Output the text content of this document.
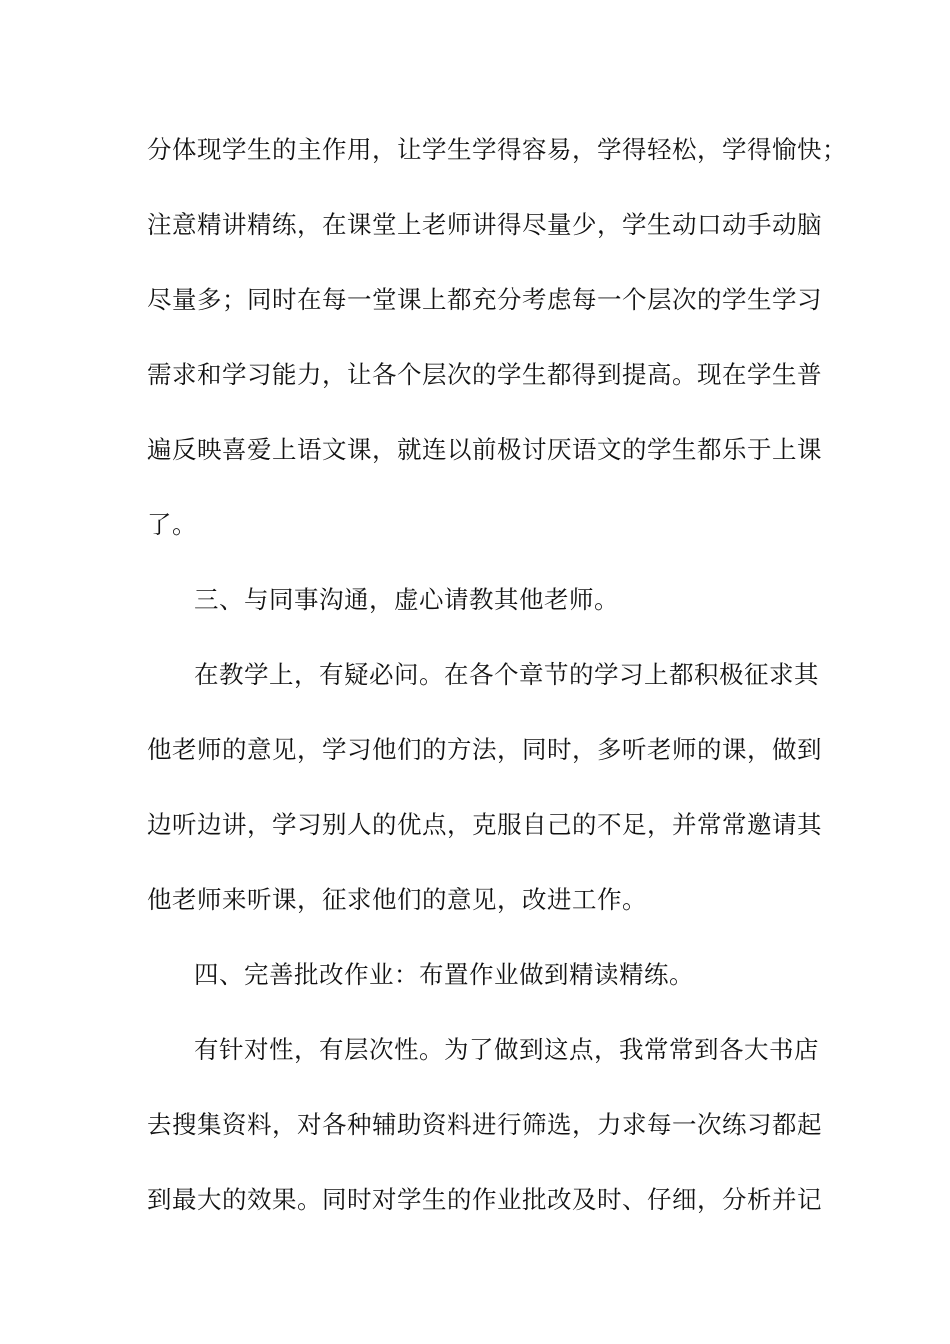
分体现学生的主作用，让学生学得容易，学得轻松，学得愉快；
注意精讲精练，在课堂上老师讲得尽量少，学生动口动手动脑
尽量多；同时在每一堂课上都充分考虑每一个层次的学生学习
需求和学习能力，让各个层次的学生都得到提高。现在学生普
遍反映喜爱上语文课，就连以前极讨厌语文的学生都乐于上课
了。
三、与同事沟通，虚心请教其他老师。
在教学上，有疑必问。在各个章节的学习上都积极征求其
他老师的意见，学习他们的方法，同时，多听老师的课，做到
边听边讲，学习别人的优点，克服自己的不足，并常常邀请其
他老师来听课，征求他们的意见，改进工作。
四、完善批改作业：布置作业做到精读精练。
有针对性，有层次性。为了做到这点，我常常到各大书店
去搜集资料，对各种辅助资料进行筛选，力求每一次练习都起
到最大的效果。同时对学生的作业批改及时、仔细，分析并记
